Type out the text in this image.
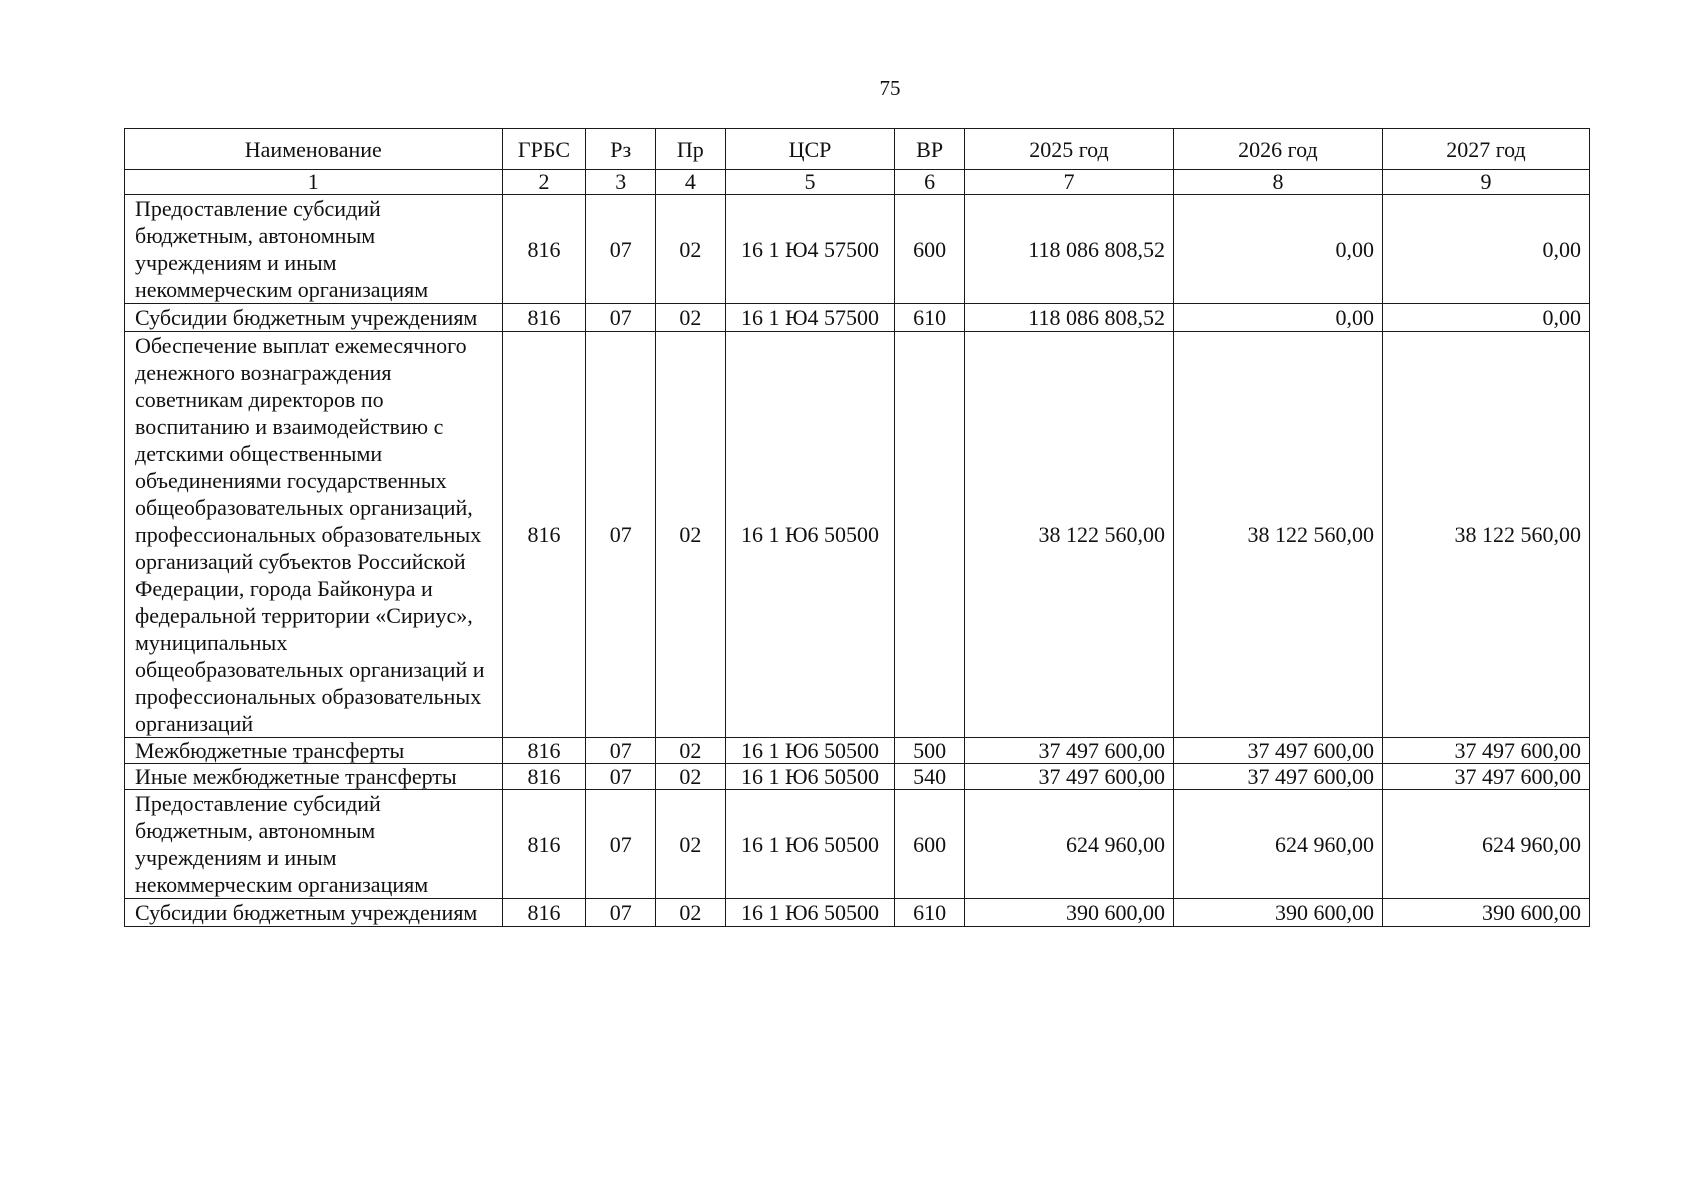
75
Наименование	ГРБС	Рз	Пр	ЦСР	ВР	2025 год	2026 год	2027 год
1	2	3	4	5	6	7	8	9
Предоставление субсидий бюджетным, автономным учреждениям и иным некоммерческим организациям	816	07	02	16 1 Ю4 57500	600	118 086 808,52	0,00	0,00
Субсидии бюджетным учреждениям	816	07	02	16 1 Ю4 57500	610	118 086 808,52	0,00	0,00
Обеспечение выплат ежемесячного денежного вознаграждения советникам директоров по воспитанию и взаимодействию с детскими общественными объединениями государственных общеобразовательных организаций, профессиональных образовательных организаций субъектов Российской Федерации, города Байконура и федеральной территории «Сириус», муниципальных общеобразовательных организаций и профессиональных образовательных организаций	816	07	02	16 1 Ю6 50500		38 122 560,00	38 122 560,00	38 122 560,00
Межбюджетные трансферты	816	07	02	16 1 Ю6 50500	500	37 497 600,00	37 497 600,00	37 497 600,00
Иные межбюджетные трансферты	816	07	02	16 1 Ю6 50500	540	37 497 600,00	37 497 600,00	37 497 600,00
Предоставление субсидий бюджетным, автономным учреждениям и иным некоммерческим организациям	816	07	02	16 1 Ю6 50500	600	624 960,00	624 960,00	624 960,00
Субсидии бюджетным учреждениям	816	07	02	16 1 Ю6 50500	610	390 600,00	390 600,00	390 600,00
